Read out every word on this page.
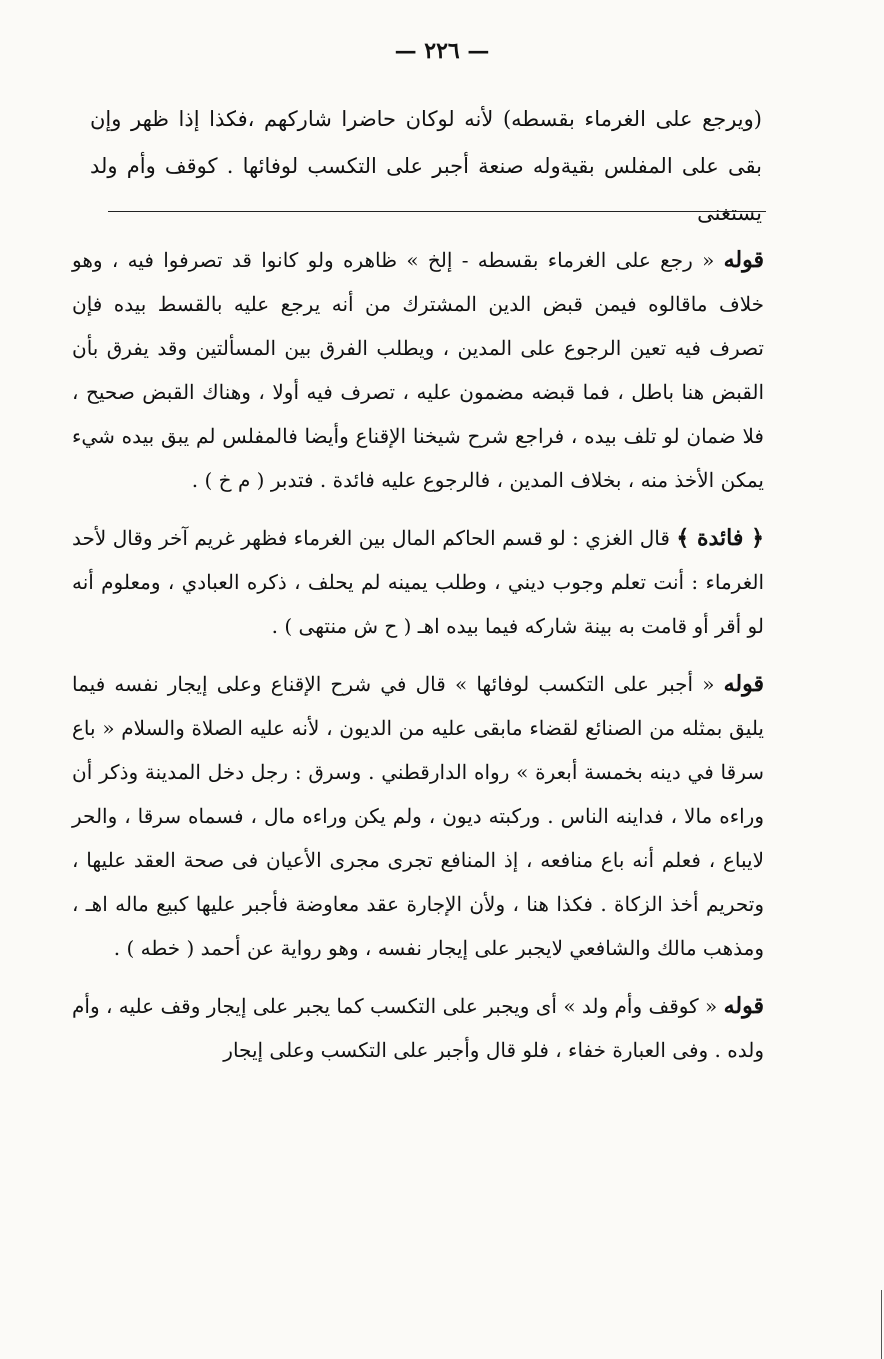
— ٢٢٦ —
(ويرجع على الغرماء بقسطه) لأنه لوكان حاضرا شاركهم ،فكذا إذا ظهر وإن بقى على المفلس بقيةوله صنعة أجبر على التكسب لوفائها . كوقف وأم ولد يستغنى

قوله « رجع على الغرماء بقسطه - إلخ » ظاهره ولو كانوا قد تصرفوا فيه ، وهو خلاف ماقالوه فيمن قبض الدين المشترك من أنه يرجع عليه بالقسط بيده فإن تصرف فيه تعين الرجوع على المدين ، ويطلب الفرق بين المسألتين وقد يفرق بأن القبض هنا باطل ، فما قبضه مضمون عليه ، تصرف فيه أولا ، وهناك القبض صحيح ، فلا ضمان لو تلف بيده ، فراجع شرح شيخنا الإقناع وأيضا فالمفلس لم يبق بيده شيء يمكن الأخذ منه ، بخلاف المدين ، فالرجوع عليه فائدة . فتدبر ( م خ ) .

﴿ فائدة ﴾ قال الغزي : لو قسم الحاكم المال بين الغرماء فظهر غريم آخر وقال لأحد الغرماء : أنت تعلم وجوب ديني ، وطلب يمينه لم يحلف ، ذكره العبادي ، ومعلوم أنه لو أقر أو قامت به بينة شاركه فيما بيده اهـ ( ح ش منتهى ) .

قوله « أجبر على التكسب لوفائها » قال في شرح الإقناع وعلى إيجار نفسه فيما يليق بمثله من الصنائع لقضاء مابقى عليه من الديون ، لأنه عليه الصلاة والسلام « باع سرقا في دينه بخمسة أبعرة » رواه الدارقطني . وسرق : رجل دخل المدينة وذكر أن وراءه مالا ، فداينه الناس . وركبته ديون ، ولم يكن وراءه مال ، فسماه سرقا ، والحر لايباع ، فعلم أنه باع منافعه ، إذ المنافع تجرى مجرى الأعيان فى صحة العقد عليها ، وتحريم أخذ الزكاة . فكذا هنا ، ولأن الإجارة عقد معاوضة فأجبر عليها كبيع ماله اهـ ، ومذهب مالك والشافعي لايجبر على إيجار نفسه ، وهو رواية عن أحمد ( خطه ) .

قوله « كوقف وأم ولد » أى ويجبر على التكسب كما يجبر على إيجار وقف عليه ، وأم ولده . وفى العبارة خفاء ، فلو قال وأجبر على التكسب وعلى إيجار
